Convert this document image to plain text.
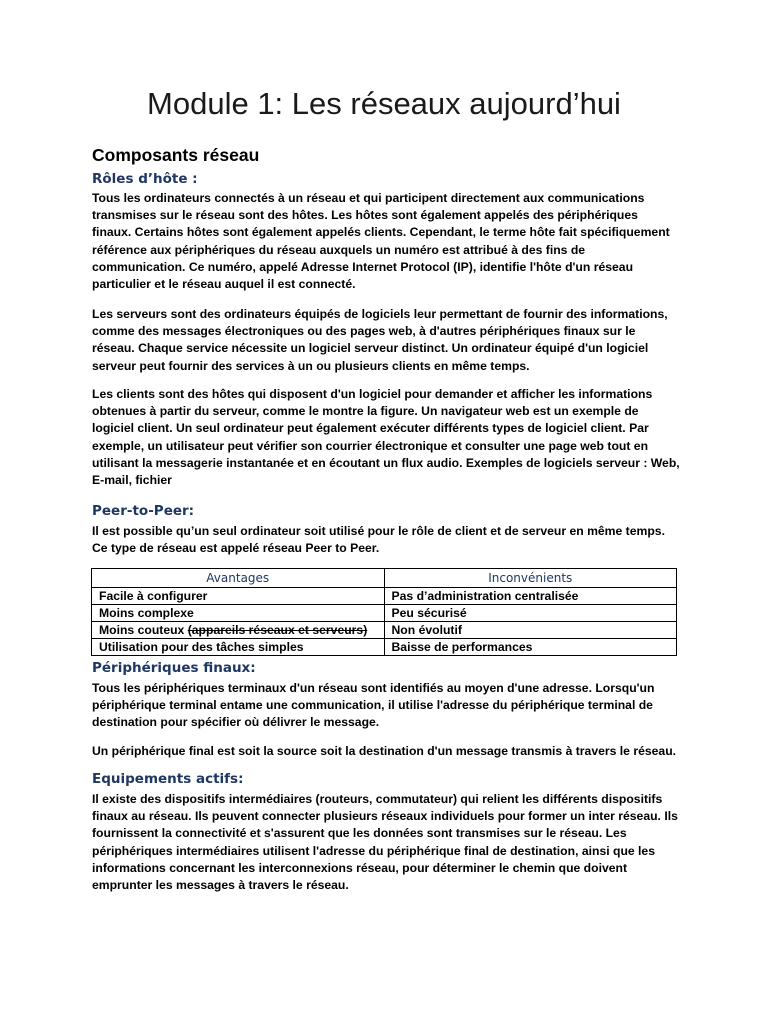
Module 1: Les réseaux aujourd’hui
Composants réseau
Rôles d’hôte :

Tous les ordinateurs connectés à un réseau et qui participent directement aux communications transmises sur le réseau sont des hôtes. Les hôtes sont également appelés des périphériques finaux. Certains hôtes sont également appelés clients. Cependant, le terme hôte fait spécifiquement référence aux périphériques du réseau auxquels un numéro est attribué à des fins de communication. Ce numéro, appelé Adresse Internet Protocol (IP), identifie l'hôte d'un réseau particulier et le réseau auquel il est connecté.

Les serveurs sont des ordinateurs équipés de logiciels leur permettant de fournir des informations, comme des messages électroniques ou des pages web, à d'autres périphériques finaux sur le réseau. Chaque service nécessite un logiciel serveur distinct. Un ordinateur équipé d'un logiciel serveur peut fournir des services à un ou plusieurs clients en même temps.

Les clients sont des hôtes qui disposent d'un logiciel pour demander et afficher les informations obtenues à partir du serveur, comme le montre la figure. Un navigateur web est un exemple de logiciel client. Un seul ordinateur peut également exécuter différents types de logiciel client. Par exemple, un utilisateur peut vérifier son courrier électronique et consulter une page web tout en utilisant la messagerie instantanée et en écoutant un flux audio. Exemples de logiciels serveur : Web, E-mail, fichier

Peer-to-Peer:

Il est possible qu’un seul ordinateur soit utilisé pour le rôle de client et de serveur en même temps. Ce type de réseau est appelé réseau Peer to Peer.

Avantages	Inconvénients
Facile à configurer	Pas d’administration centralisée
Moins complexe	Peu sécurisé
Moins couteux (appareils réseaux et serveurs)	Non évolutif
Utilisation pour des tâches simples	Baisse de performances
Périphériques finaux:

Tous les périphériques terminaux d'un réseau sont identifiés au moyen d'une adresse. Lorsqu'un périphérique terminal entame une communication, il utilise l'adresse du périphérique terminal de destination pour spécifier où délivrer le message.

Un périphérique final est soit la source soit la destination d'un message transmis à travers le réseau.

Equipements actifs:

Il existe des dispositifs intermédiaires (routeurs, commutateur) qui relient les différents dispositifs finaux au réseau. Ils peuvent connecter plusieurs réseaux individuels pour former un inter réseau. Ils fournissent la connectivité et s'assurent que les données sont transmises sur le réseau. Les périphériques intermédiaires utilisent l'adresse du périphérique final de destination, ainsi que les informations concernant les interconnexions réseau, pour déterminer le chemin que doivent emprunter les messages à travers le réseau.
